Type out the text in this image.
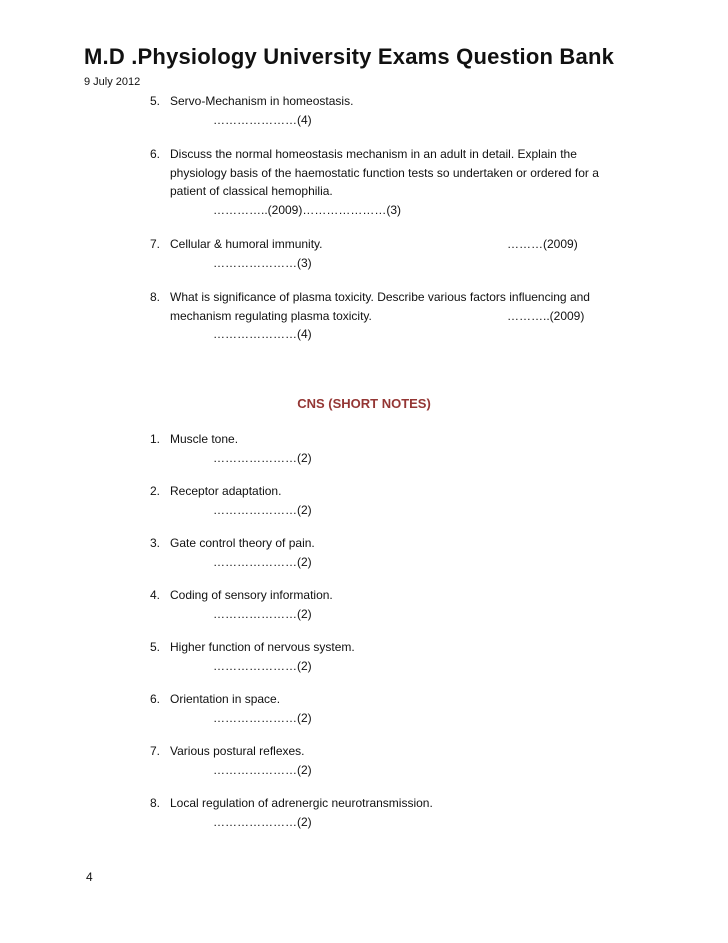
M.D .Physiology University Exams Question Bank
9 July 2012
5. Servo-Mechanism in homeostasis.
…………………(4)
6. Discuss the normal homeostasis mechanism in an adult in detail. Explain the
physiology basis of the haemostatic function tests so undertaken or ordered for a
patient of classical hemophilia.
…………..(2009)…………………(3)
7. Cellular & humoral immunity.	………(2009)
…………………(3)
8. What is significance of plasma toxicity. Describe various factors influencing and
mechanism regulating plasma toxicity.	………..(2009)
…………………(4)
CNS (SHORT NOTES)
1. Muscle tone.
…………………(2)
2. Receptor adaptation.
…………………(2)
3. Gate control theory of pain.
…………………(2)
4. Coding of sensory information.
…………………(2)
5. Higher function of nervous system.
…………………(2)
6. Orientation in space.
…………………(2)
7. Various postural reflexes.
…………………(2)
8. Local regulation of adrenergic neurotransmission.
…………………(2)
4
